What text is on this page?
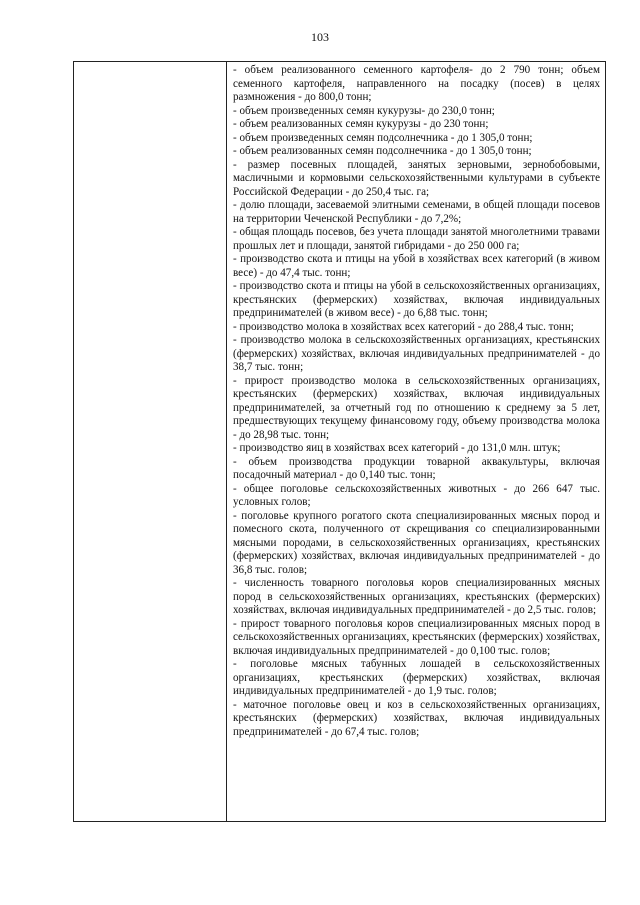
103

- объем реализованного семенного картофеля- до 2 790 тонн; объем семенного картофеля, направленного на посадку (посев) в целях размножения - до 800,0 тонн;

- объем произведенных семян кукурузы- до 230,0 тонн;

- объем реализованных семян кукурузы - до 230 тонн;

- объем произведенных семян подсолнечника - до 1 305,0 тонн;

- объем реализованных семян подсолнечника - до 1 305,0 тонн;

- размер посевных площадей, занятых зерновыми, зернобобовыми, масличными и кормовыми сельскохозяйственными культурами в субъекте Российской Федерации - до 250,4 тыс. га;

- долю площади, засеваемой элитными семенами, в общей площади посевов на территории Чеченской Республики - до 7,2%;

- общая площадь посевов, без учета площади занятой многолетними травами прошлых лет и площади, занятой гибридами - до 250 000 га;

- производство скота и птицы на убой в хозяйствах всех категорий (в живом весе) - до 47,4 тыс. тонн;

- производство скота и птицы на убой в сельскохозяйственных организациях, крестьянских (фермерских) хозяйствах, включая индивидуальных предпринимателей (в живом весе) - до 6,88 тыс. тонн;

- производство молока в хозяйствах всех категорий - до 288,4 тыс. тонн;

- производство молока в сельскохозяйственных организациях, крестьянских (фермерских) хозяйствах, включая индивидуальных предпринимателей - до 38,7 тыс. тонн;

- прирост производство молока в сельскохозяйственных организациях, крестьянских (фермерских) хозяйствах, включая индивидуальных предпринимателей, за отчетный год по отношению к среднему за 5 лет, предшествующих текущему финансовому году, объему производства молока - до 28,98 тыс. тонн;

- производство яиц в хозяйствах всех категорий - до 131,0 млн. штук;

- объем производства продукции товарной аквакультуры, включая посадочный материал - до 0,140 тыс. тонн;

- общее поголовье сельскохозяйственных животных - до 266 647 тыс. условных голов;

- поголовье крупного рогатого скота специализированных мясных пород и помесного скота, полученного от скрещивания со специализированными мясными породами, в сельскохозяйственных организациях, крестьянских (фермерских) хозяйствах, включая индивидуальных предпринимателей - до 36,8 тыс. голов;

- численность товарного поголовья коров специализированных мясных пород в сельскохозяйственных организациях, крестьянских (фермерских) хозяйствах, включая индивидуальных предпринимателей - до 2,5 тыс. голов;

- прирост товарного поголовья коров специализированных мясных пород в сельскохозяйственных организациях, крестьянских (фермерских) хозяйствах, включая индивидуальных предпринимателей - до 0,100 тыс. голов;

- поголовье мясных табунных лошадей в сельскохозяйственных организациях, крестьянских (фермерских) хозяйствах, включая индивидуальных предпринимателей - до 1,9 тыс. голов;

- маточное поголовье овец и коз в сельскохозяйственных организациях, крестьянских (фермерских) хозяйствах, включая индивидуальных предпринимателей - до 67,4 тыс. голов;
